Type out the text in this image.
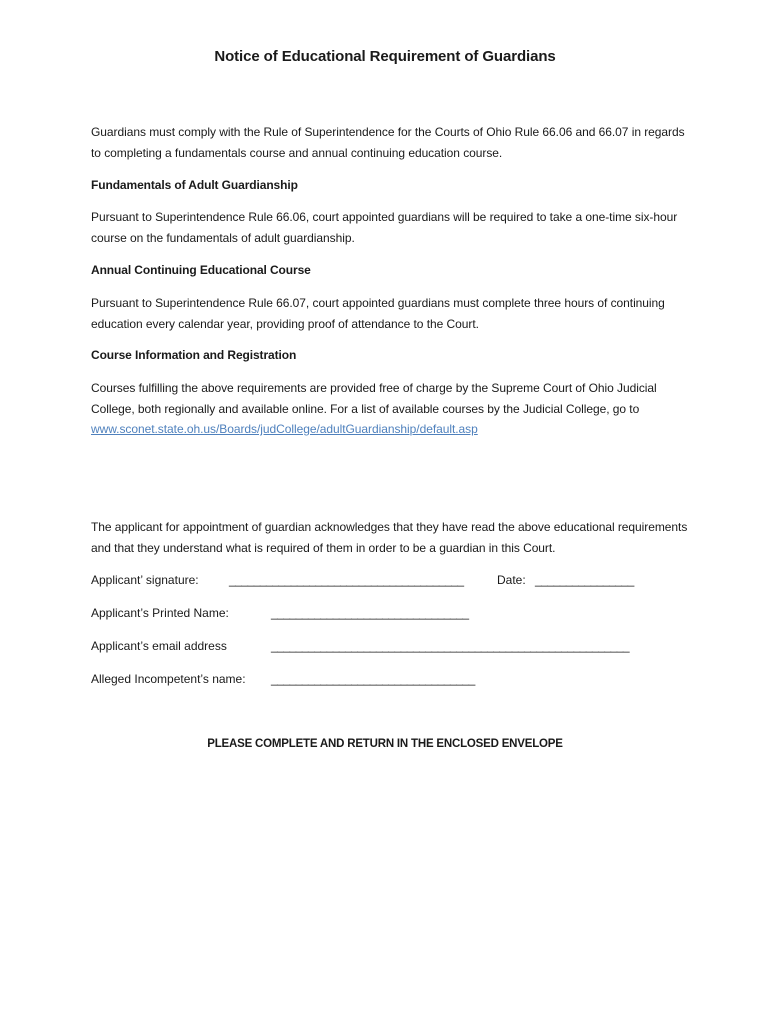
Notice of Educational Requirement of Guardians
Guardians must comply with the Rule of Superintendence for the Courts of Ohio Rule 66.06 and 66.07 in regards to completing a fundamentals course and annual continuing education course.
Fundamentals of Adult Guardianship
Pursuant to Superintendence Rule 66.06, court appointed guardians will be required to take a one-time six-hour course on the fundamentals of adult guardianship.
Annual Continuing Educational Course
Pursuant to Superintendence Rule 66.07, court appointed guardians must complete three hours of continuing education every calendar year, providing proof of attendance to the Court.
Course Information and Registration
Courses fulfilling the above requirements are provided free of charge by the Supreme Court of Ohio Judicial College, both regionally and available online. For a list of available courses by the Judicial College, go to www.sconet.state.oh.us/Boards/judCollege/adultGuardianship/default.asp
The applicant for appointment of guardian acknowledges that they have read the above educational requirements and that they understand what is required of them in order to be a guardian in this Court.
Applicant’ signature:	______________________________________	Date: ________________
Applicant’s Printed Name:	________________________________
Applicant’s email address	__________________________________________________________
Alleged Incompetent’s name: _________________________________
PLEASE COMPLETE AND RETURN IN THE ENCLOSED ENVELOPE
